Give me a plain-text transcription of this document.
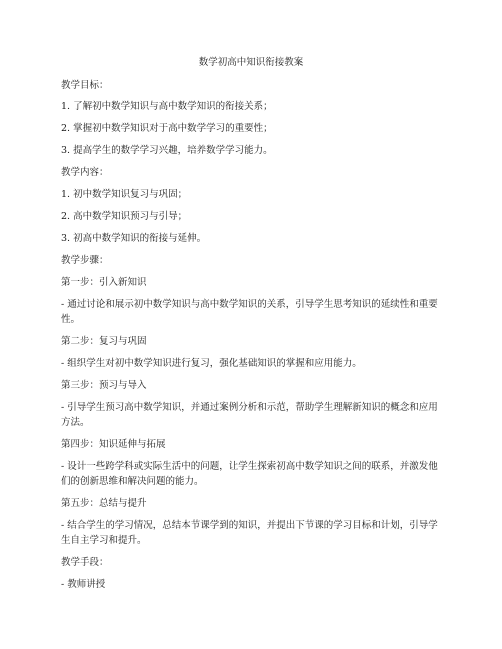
数学初高中知识衔接教案
教学目标：
1. 了解初中数学知识与高中数学知识的衔接关系；
2. 掌握初中数学知识对于高中数学学习的重要性；
3. 提高学生的数学学习兴趣，培养数学学习能力。
教学内容：
1. 初中数学知识复习与巩固；
2. 高中数学知识预习与引导；
3. 初高中数学知识的衔接与延伸。
教学步骤：
第一步：引入新知识
- 通过讨论和展示初中数学知识与高中数学知识的关系，引导学生思考知识的延续性和重要性。
第二步：复习与巩固
- 组织学生对初中数学知识进行复习，强化基础知识的掌握和应用能力。
第三步：预习与导入
- 引导学生预习高中数学知识，并通过案例分析和示范，帮助学生理解新知识的概念和应用方法。
第四步：知识延伸与拓展
- 设计一些跨学科或实际生活中的问题，让学生探索初高中数学知识之间的联系，并激发他们的创新思维和解决问题的能力。
第五步：总结与提升
- 结合学生的学习情况，总结本节课学到的知识，并提出下节课的学习目标和计划，引导学生自主学习和提升。
教学手段：
- 教师讲授
